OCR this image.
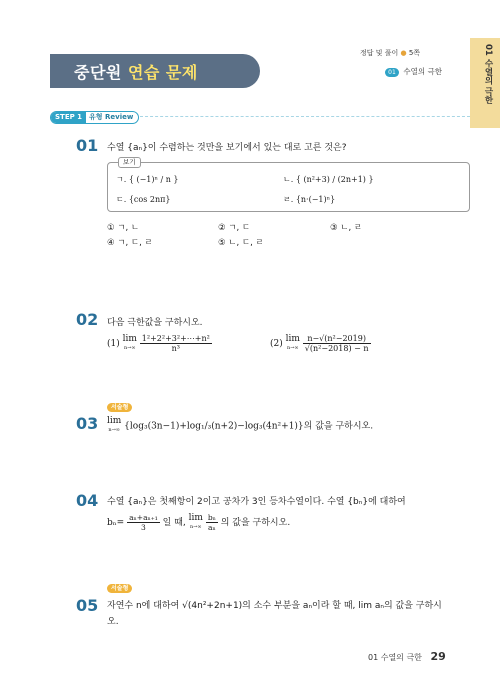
중단원 연습 문제
정답 및 풀이 ● 5쪽
01 수열의 극한	01 수열의 극한
STEP 1 유형 Review
01 수열 {aₙ}이 수렴하는 것만을 보기에서 있는 대로 고른 것은?
보기
ㄱ. { (−1)ⁿ / n }	ㄴ. { (n²+3) / (2n+1) }
ㄷ. {cos 2nπ}	ㄹ. {n·(−1)ⁿ}
① ㄱ, ㄴ	② ㄱ, ㄷ	③ ㄴ, ㄹ
④ ㄱ, ㄷ, ㄹ	⑤ ㄴ, ㄷ, ㄹ
02 다음 극한값을 구하시오.
(1)
lim
n→∞
$\frac{\text{1²+2²+3²+⋯+n²}}{\text{n³}}$	(2)
lim
n→∞
$\frac{\text{n−√(n²−2019)}}{\text{√(n²−2018) − n}}$
서술형
03 lim
n→∞ {log₃(3n−1)+log₁/₃(n+2)−log₃(4n²+1)}의 값을 구하시오.
04 수열 {aₙ}은 첫째항이 2이고 공차가 3인 등차수열이다. 수열 {bₙ}에 대하여
$b_n= \frac{\text{aₙ+aₙ₊₁}}{3}$ 일 때,
lim
n→∞
$\frac{\text{bₙ}}{\text{aₙ}}$ 의 값을 구하시오.
서술형
05 자연수 n에 대하여 √(4n²+2n+1)의 소수 부분을 aₙ이라 할 때, lim aₙ의 값을 구하시
오.
01 수열의 극한 29
